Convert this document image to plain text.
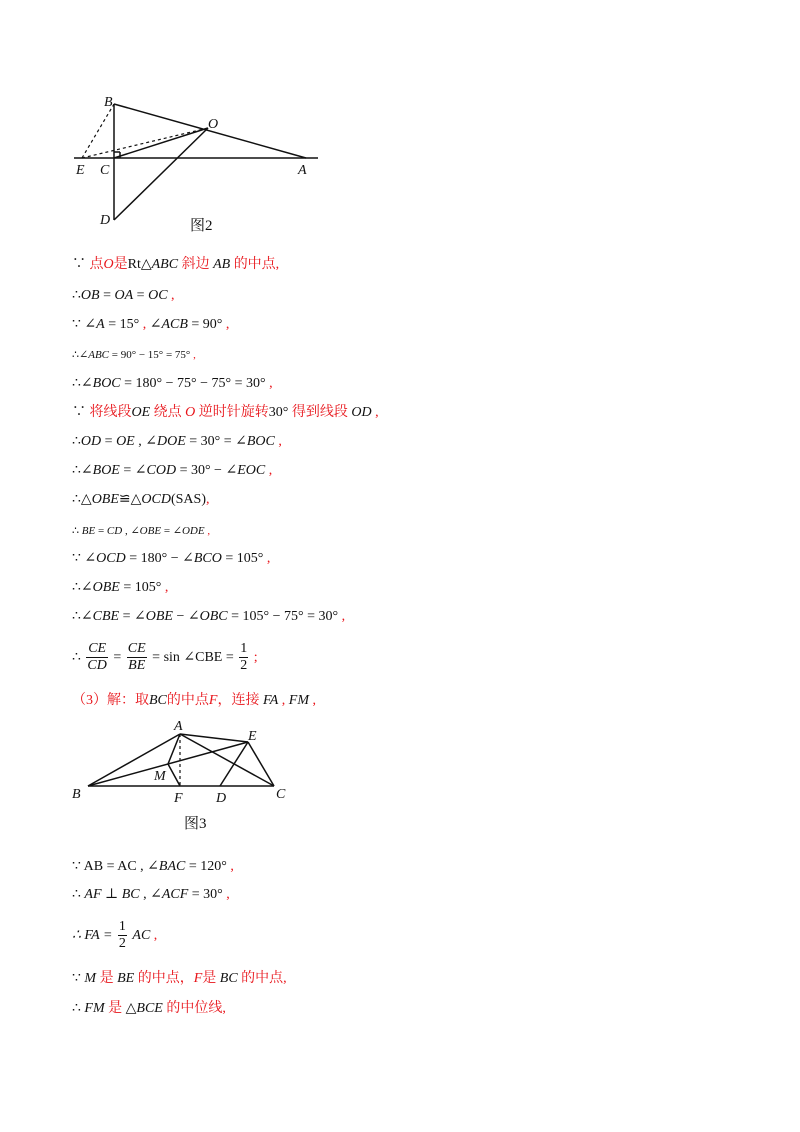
B
O
E C	A
D	图2
∵ 点O是Rt△ABC 斜边 AB 的中点,
∴OB = OA = OC ,
∵ ∠A = 15° , ∠ACB = 90° ,
∴∠ABC = 90° − 15° = 75° ,
∴∠BOC = 180° − 75° − 75° = 30° ,
∵ 将线段OE 绕点 O 逆时针旋转30° 得到线段 OD ,
∴OD = OE , ∠DOE = 30° = ∠BOC ,
∴∠BOE = ∠COD = 30° − ∠EOC ,
∴△OBE≌△OCD(SAS),
∴ BE = CD , ∠OBE = ∠ODE ,
∵ ∠OCD = 180° − ∠BCO = 105° ,
∴∠OBE = 105° ,
∴∠CBE = ∠OBE − ∠OBC = 105° − 75° = 30° ,
∴ $\frac{CE}{CD} = \frac{CE}{BE} = \sin$ ∠CBE = $\frac{1}{2}$ ;
（3）解：取BC的中点F，连接 FA , FM ,
A
E
M
B	F D	C
图3
∵ AB = AC , ∠BAC = 120° ,
∴ AF ⊥ BC , ∠ACF = 30° ,
∴ FA = $\frac{1}{2}$ AC ,
∵ M 是 BE 的中点，F是 BC 的中点,
∴ FM 是 △BCE 的中位线,
